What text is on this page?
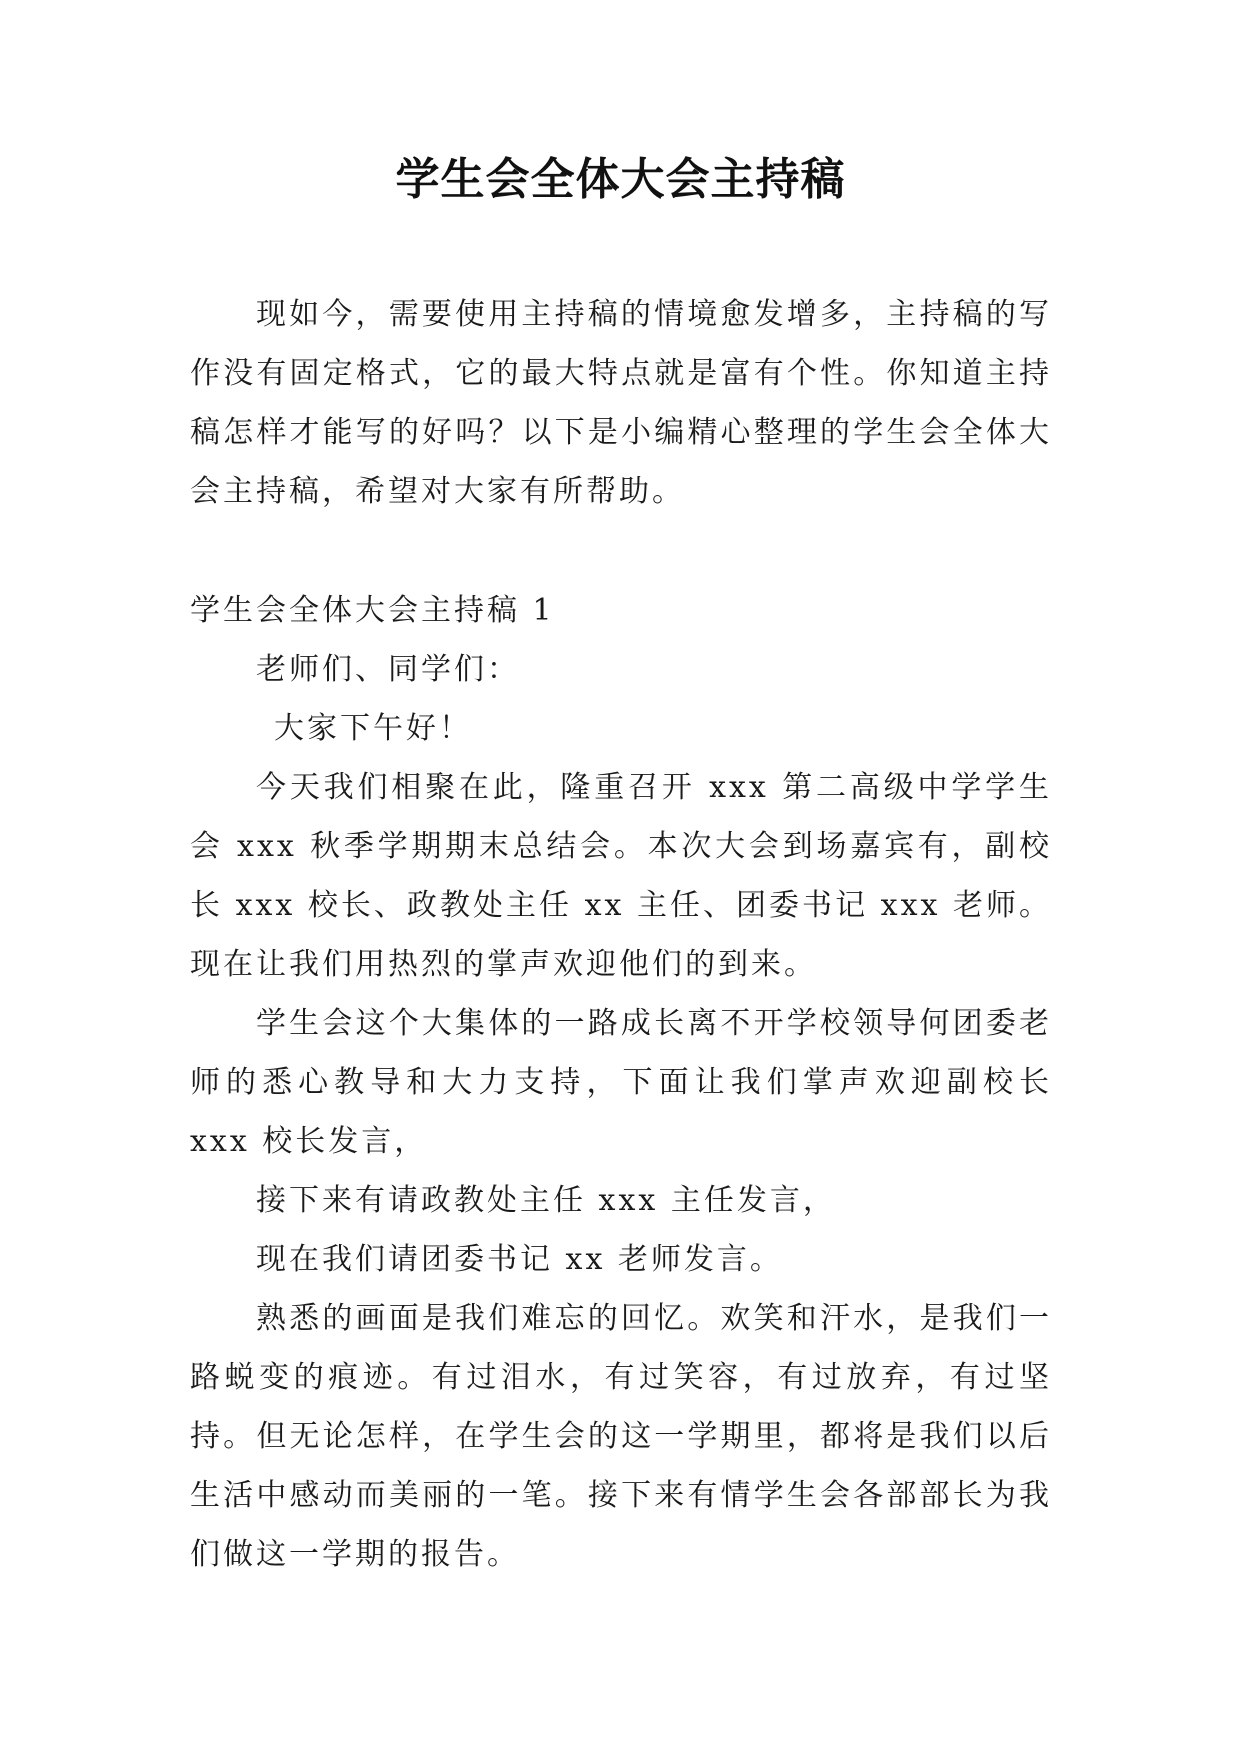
学生会全体大会主持稿

现如今，需要使用主持稿的情境愈发增多，主持稿的写作没有固定格式，它的最大特点就是富有个性。你知道主持稿怎样才能写的好吗？以下是小编精心整理的学生会全体大会主持稿，希望对大家有所帮助。

学生会全体大会主持稿 1

老师们、同学们：

大家下午好！

今天我们相聚在此，隆重召开 xxx 第二高级中学学生会 xxx 秋季学期期末总结会。本次大会到场嘉宾有，副校长 xxx 校长、政教处主任 xx 主任、团委书记 xxx 老师。现在让我们用热烈的掌声欢迎他们的到来。

学生会这个大集体的一路成长离不开学校领导何团委老师的悉心教导和大力支持，下面让我们掌声欢迎副校长 xxx 校长发言，

接下来有请政教处主任 xxx 主任发言，

现在我们请团委书记 xx 老师发言。

熟悉的画面是我们难忘的回忆。欢笑和汗水，是我们一路蜕变的痕迹。有过泪水，有过笑容，有过放弃，有过坚持。但无论怎样，在学生会的这一学期里，都将是我们以后生活中感动而美丽的一笔。接下来有情学生会各部部长为我们做这一学期的报告。
